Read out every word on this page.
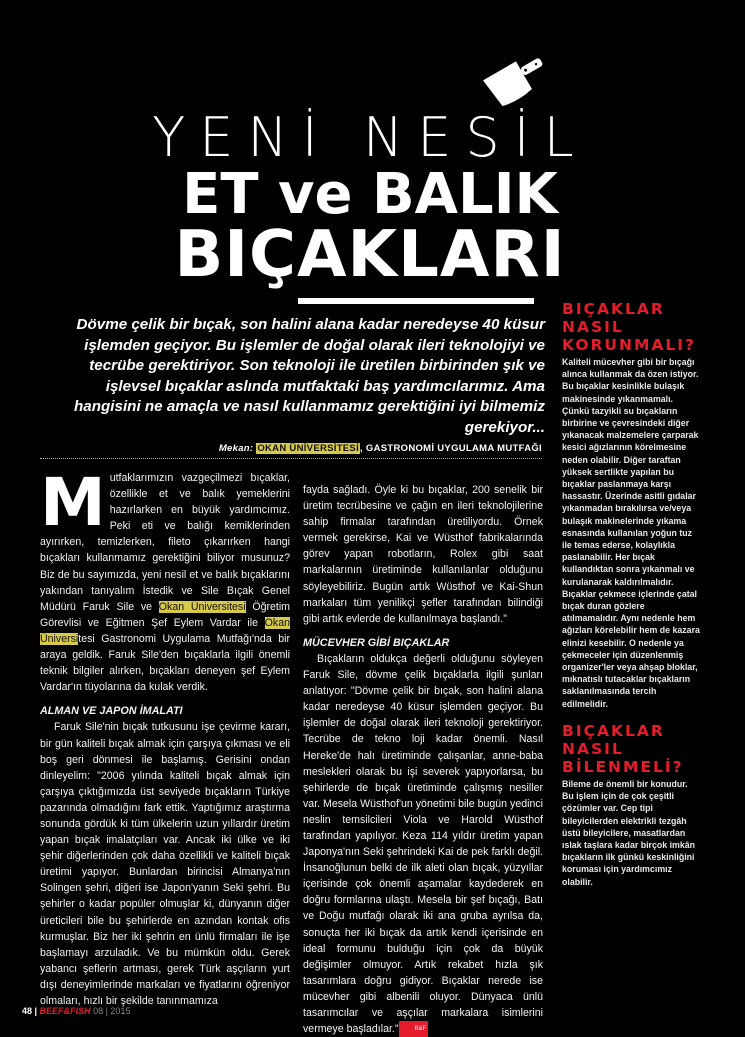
YENİ NESİL
ET ve BALIK
BIÇAKLARI
Dövme çelik bir bıçak, son halini alana kadar neredeyse 40 küsur işlemden geçiyor. Bu işlemler de doğal olarak ileri teknolojiyi ve tecrübe gerektiriyor. Son teknoloji ile üretilen birbirinden şık ve işlevsel bıçaklar aslında mutfaktaki baş yardımcılarımız. Ama hangisini ne amaçla ve nasıl kullanmamız gerektiğini iyi bilmemiz gerekiyor...
Mekan: OKAN ÜNİVERSİTESİ, GASTRONOMİ UYGULAMA MUTFAĞI

Mutfaklarımızın vazgeçilmezi bıçaklar, özellikle et ve balık yemeklerini hazırlarken en büyük yardımcımız. Peki eti ve balığı kemiklerinden ayırırken, temizlerken, fileto çıkarırken hangi bıçakları kullanmamız gerektiğini biliyor musunuz? Biz de bu sayımızda, yeni nesil et ve balık bıçaklarını yakından tanıyalım İstedik ve Sile Bıçak Genel Müdürü Faruk Sile ve Okan Üniversitesi Öğretim Görevlisi ve Eğitmen Şef Eylem Vardar ile Okan Üniversitesi Gastronomi Uygulama Mutfağı'nda bir araya geldik. Faruk Sile'den bıçaklarla ilgili önemli teknik bilgiler alırken, bıçakları deneyen şef Eylem Vardar'ın tüyolarına da kulak verdik.

ALMAN VE JAPON İMALATI

Faruk Sile'nin bıçak tutkusunu işe çevirme kararı, bir gün kaliteli bıçak almak için çarşıya çıkması ve eli boş geri dönmesi ile başlamış. Gerisini ondan dinleyelim: "2006 yılında kaliteli bıçak almak için çarşıya çıktığımızda üst seviyede bıçakların Türkiye pazarında olmadığını fark ettik. Yaptığımız araştırma sonunda gördük ki tüm ülkelerin uzun yıllardır üretim yapan bıçak imalatçıları var. Ancak iki ülke ve iki şehir diğerlerinden çok daha özellikli ve kaliteli bıçak üretimi yapıyor. Bunlardan birincisi Almanya'nın Solingen şehri, diğeri ise Japon'yanın Seki şehri. Bu şehirler o kadar popüler olmuşlar ki, dünyanın diğer üreticileri bile bu şehirlerde en azından kontak ofis kurmuşlar. Biz her iki şehrin en ünlü firmaları ile işe başlamayı arzuladık. Ve bu mümkün oldu. Gerek yabancı şeflerin artması, gerek Türk aşçıların yurt dışı deneyimlerinde markaları ve fiyatlarını öğreniyor olmaları, hızlı bir şekilde tanınmamıza

fayda sağladı. Öyle ki bu bıçaklar, 200 senelik bir üretim tecrübesine ve çağın en ileri teknolojilerine sahip firmalar tarafından üretiliyordu. Örnek vermek gerekirse, Kai ve Wüsthof fabrikalarında görev yapan robotların, Rolex gibi saat markalarının üretiminde kullanılanlar olduğunu söyleyebiliriz. Bugün artık Wüsthof ve Kai-Shun markaları tüm yenilikçi şefler tarafından bilindiği gibi artık evlerde de kullanılmaya başlandı."

MÜCEVHER GİBİ BIÇAKLAR

Bıçakların oldukça değerli olduğunu söyleyen Faruk Sile, dövme çelik bıçaklarla ilgili şunları anlatıyor: "Dövme çelik bir bıçak, son halini alana kadar neredeyse 40 küsur işlemden geçiyor. Bu işlemler de doğal olarak ileri teknoloji gerektiriyor. Tecrübe de tekno loji kadar önemli. Nasıl Hereke'de halı üretiminde çalışanlar, anne-baba meslekleri olarak bu işi severek yapıyorlarsa, bu şehirlerde de bıçak üretiminde çalışmış nesiller var. Mesela Wüsthof'un yönetimi bile bugün yedinci neslin temsilcileri Viola ve Harold Wüsthof tarafından yapılıyor. Keza 114 yıldır üretim yapan Japonya'nın Seki şehrindeki Kai de pek farklı değil. İnsanoğlunun belki de ilk aleti olan bıçak, yüzyıllar içerisinde çok önemli aşamalar kaydederek en doğru formlarına ulaştı. Mesela bir şef bıçağı, Batı ve Doğu mutfağı olarak iki ana gruba ayrılsa da, sonuçta her iki bıçak da artık kendi içerisinde en ideal formunu bulduğu için çok da büyük değişimler olmuyor. Artık rekabet hızla şık tasarımlara doğru gidiyor. Bıçaklar nerede ise mücevher gibi albenili oluyor. Dünyaca ünlü tasarımcılar ve aşçılar markalara isimlerini vermeye başladılar."	B&F

BIÇAKLAR NASIL KORUNMALI?

Kaliteli mücevher gibi bir bıçağı alınca kullanmak da özen istiyor. Bu bıçaklar kesinlikle bulaşık makinesinde yıkanmamalı. Çünkü tazyikli su bıçakların birbirine ve çevresindeki diğer yıkanacak malzemelere çarparak kesici ağızlarının körelmesine neden olabilir. Diğer taraftan yüksek sertlikte yapılan bu bıçaklar paslanmaya karşı hassastır. Üzerinde asitli gıdalar yıkanmadan bırakılırsa ve/veya bulaşık makinelerinde yıkama esnasında kullanılan yoğun tuz ile temas ederse, kolaylıkla paslanabilir. Her bıçak kullandıktan sonra yıkanmalı ve kurulanarak kaldırılmalıdır. Bıçaklar çekmece içlerinde çatal bıçak duran gözlere atılmamalıdır. Aynı nedenle hem ağızları körelebilir hem de kazara elinizi kesebilir. O nedenle ya çekmeceler için düzenlenmiş organizer'ler veya ahşap bloklar, mıknatıslı tutacaklar bıçakların saklanılmasında tercih edilmelidir.

BIÇAKLAR NASIL BİLENMELİ?

Bileme de önemli bir konudur. Bu işlem için de çok çeşitli çözümler var. Cep tipi bileyicilerden elektrikli tezgâh üstü bileyicilere, masatlardan ıslak taşlara kadar birçok imkân bıçakların ilk günkü keskinliğini koruması için yardımcımız olabilir.

48 | BEEF&FISH 08 | 2015
